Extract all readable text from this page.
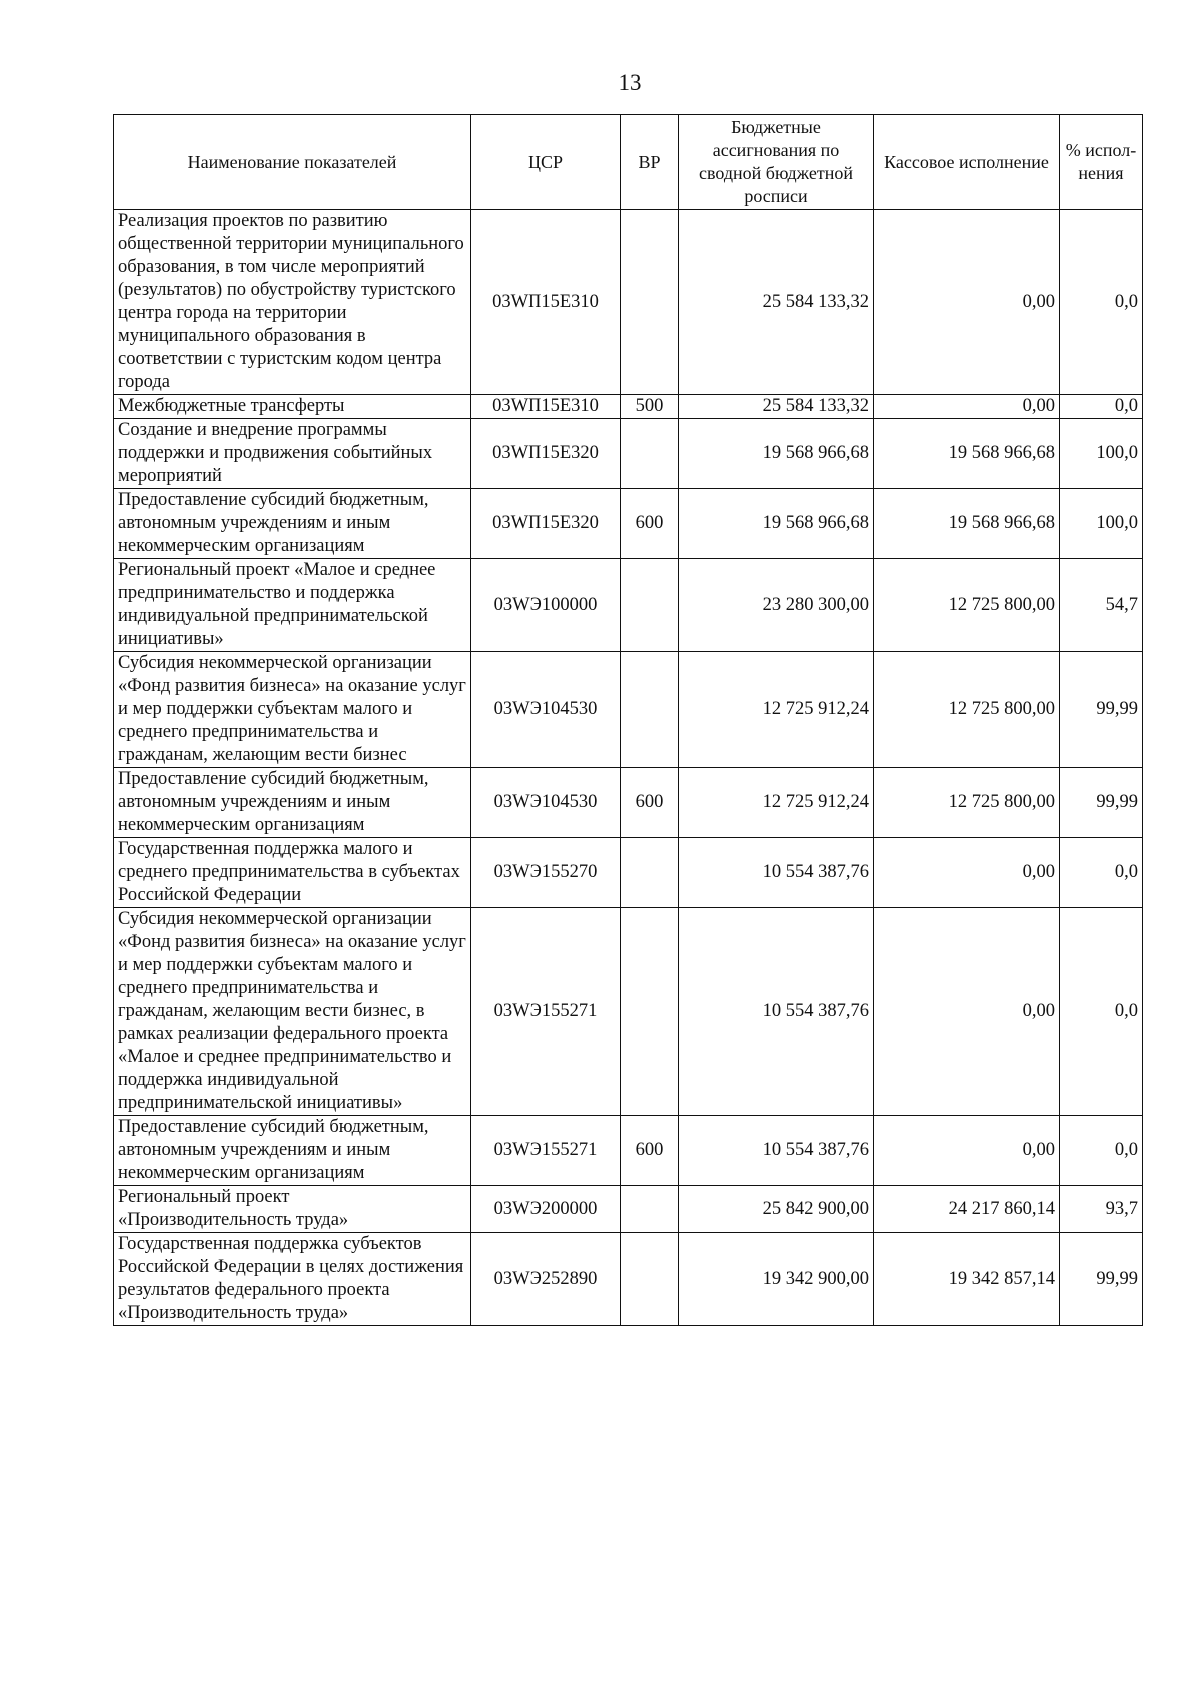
13
Наименование показателей	ЦСР	ВР	Бюджетные ассигнования по сводной бюджетной росписи	Кассовое исполнение	% испол- нения
Реализация проектов по развитию общественной территории муниципального образования, в том числе мероприятий (результатов) по обустройству туристского центра города на территории муниципального образования в соответствии с туристским кодом центра города	03WП15Е310		25 584 133,32	0,00	0,0
Межбюджетные трансферты	03WП15Е310	500	25 584 133,32	0,00	0,0
Создание и внедрение программы поддержки и продвижения событийных мероприятий	03WП15Е320		19 568 966,68	19 568 966,68	100,0
Предоставление субсидий бюджетным, автономным учреждениям и иным некоммерческим организациям	03WП15Е320	600	19 568 966,68	19 568 966,68	100,0
Региональный проект «Малое и среднее предпринимательство и поддержка индивидуальной предпринимательской инициативы»	03WЭ100000		23 280 300,00	12 725 800,00	54,7
Субсидия некоммерческой организации «Фонд развития бизнеса» на оказание услуг и мер поддержки субъектам малого и среднего предпринимательства и гражданам, желающим вести бизнес	03WЭ104530		12 725 912,24	12 725 800,00	99,99
Предоставление субсидий бюджетным, автономным учреждениям и иным некоммерческим организациям	03WЭ104530	600	12 725 912,24	12 725 800,00	99,99
Государственная поддержка малого и среднего предпринимательства в субъектах Российской Федерации	03WЭ155270		10 554 387,76	0,00	0,0
Субсидия некоммерческой организации «Фонд развития бизнеса» на оказание услуг и мер поддержки субъектам малого и среднего предпринимательства и гражданам, желающим вести бизнес, в рамках реализации федерального проекта «Малое и среднее предпринимательство и поддержка индивидуальной предпринимательской инициативы»	03WЭ155271		10 554 387,76	0,00	0,0
Предоставление субсидий бюджетным, автономным учреждениям и иным некоммерческим организациям	03WЭ155271	600	10 554 387,76	0,00	0,0
Региональный проект «Производительность труда»	03WЭ200000		25 842 900,00	24 217 860,14	93,7
Государственная поддержка субъектов Российской Федерации в целях достижения результатов федерального проекта «Производительность труда»	03WЭ252890		19 342 900,00	19 342 857,14	99,99
